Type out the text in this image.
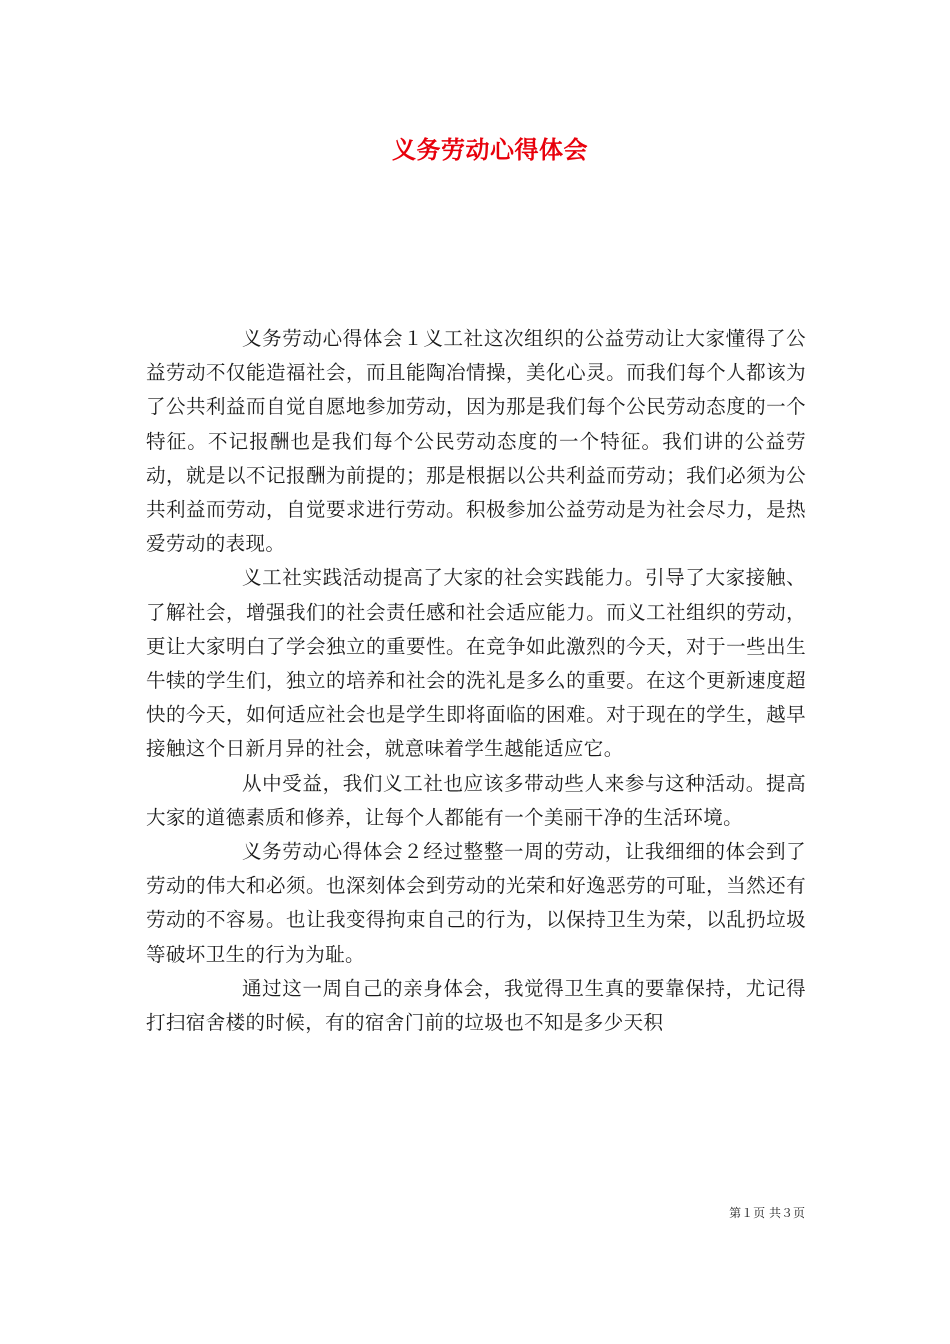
义务劳动心得体会

义务劳动心得体会１义工社这次组织的公益劳动让大家懂得了公益劳动不仅能造福社会，而且能陶冶情操，美化心灵。而我们每个人都该为了公共利益而自觉自愿地参加劳动，因为那是我们每个公民劳动态度的一个特征。不记报酬也是我们每个公民劳动态度的一个特征。我们讲的公益劳动，就是以不记报酬为前提的；那是根据以公共利益而劳动；我们必须为公共利益而劳动，自觉要求进行劳动。积极参加公益劳动是为社会尽力，是热爱劳动的表现。

义工社实践活动提高了大家的社会实践能力。引导了大家接触、了解社会，增强我们的社会责任感和社会适应能力。而义工社组织的劳动，更让大家明白了学会独立的重要性。在竞争如此激烈的今天，对于一些出生牛犊的学生们，独立的培养和社会的洗礼是多么的重要。在这个更新速度超快的今天，如何适应社会也是学生即将面临的困难。对于现在的学生，越早接触这个日新月异的社会，就意味着学生越能适应它。

从中受益，我们义工社也应该多带动些人来参与这种活动。提高大家的道德素质和修养，让每个人都能有一个美丽干净的生活环境。

义务劳动心得体会２经过整整一周的劳动，让我细细的体会到了劳动的伟大和必须。也深刻体会到劳动的光荣和好逸恶劳的可耻，当然还有劳动的不容易。也让我变得拘束自己的行为，以保持卫生为荣，以乱扔垃圾等破坏卫生的行为为耻。

通过这一周自己的亲身体会，我觉得卫生真的要靠保持，尤记得打扫宿舍楼的时候，有的宿舍门前的垃圾也不知是多少天积

第１页 共３页
